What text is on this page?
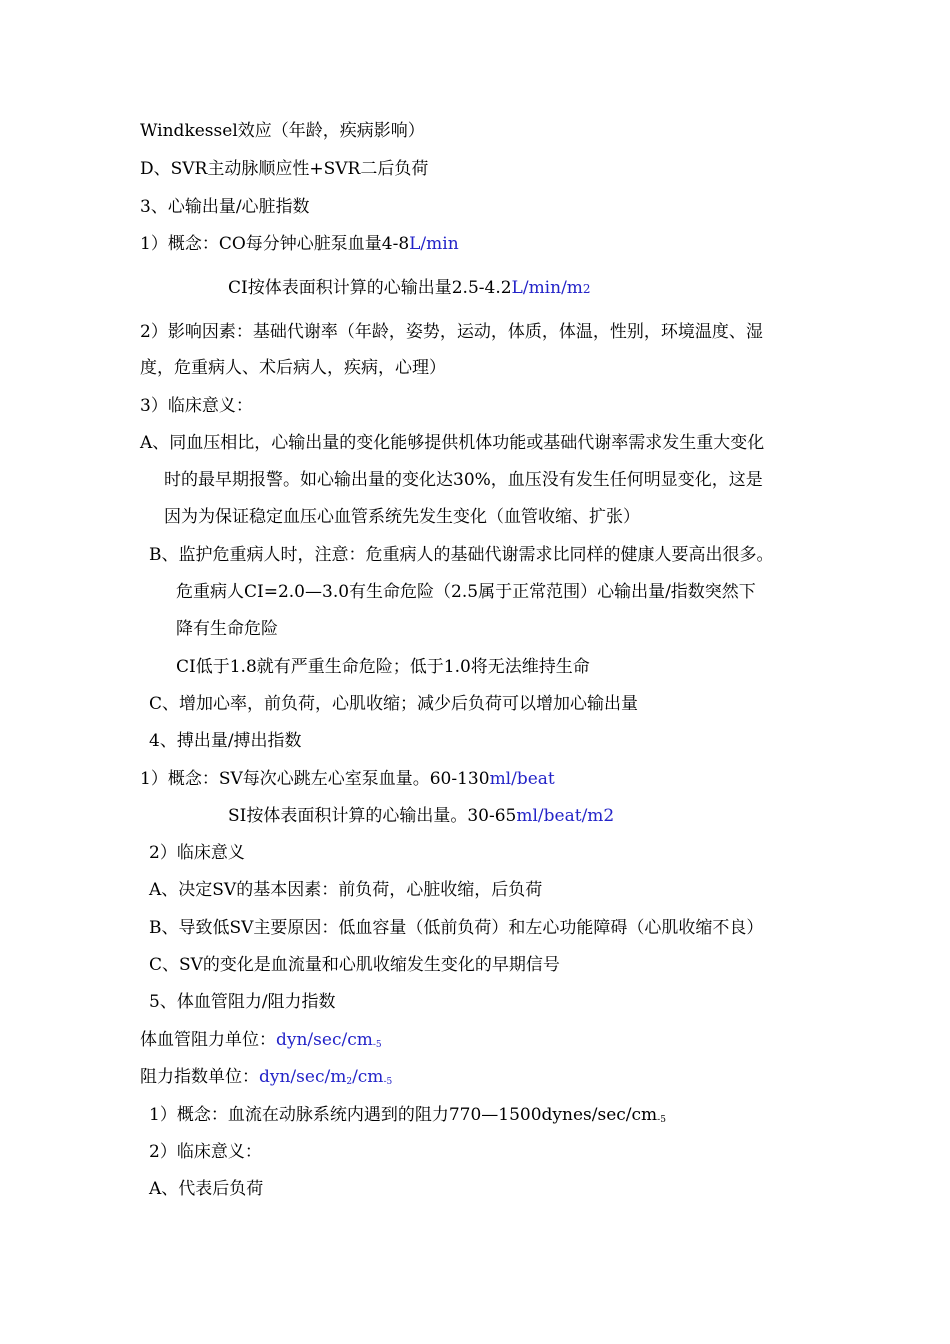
Windkessel效应（年龄，疾病影响）
D、SVR主动脉顺应性+SVR二后负荷
3、心输出量/心脏指数
1）概念：CO每分钟心脏泵血量4-8L/min
CI按体表面积计算的心输出量2.5-4.2L/min/m2
2）影响因素：基础代谢率（年龄，姿势，运动，体质，体温，性别，环境温度、湿
度，危重病人、术后病人，疾病，心理）
3）临床意义：
A、同血压相比，心输出量的变化能够提供机体功能或基础代谢率需求发生重大变化
时的最早期报警。如心输出量的变化达30%，血压没有发生任何明显变化，这是
因为为保证稳定血压心血管系统先发生变化（血管收缩、扩张）
B、监护危重病人时，注意：危重病人的基础代谢需求比同样的健康人要高出很多。
危重病人CI=2.0—3.0有生命危险（2.5属于正常范围）心输出量/指数突然下
降有生命危险
CI低于1.8就有严重生命危险；低于1.0将无法维持生命
C、增加心率，前负荷，心肌收缩；减少后负荷可以增加心输出量
4、搏出量/搏出指数
1）概念：SV每次心跳左心室泵血量。60-130ml/beat
SI按体表面积计算的心输出量。30-65ml/beat/m2
2）临床意义
A、决定SV的基本因素：前负荷，心脏收缩，后负荷
B、导致低SV主要原因：低血容量（低前负荷）和左心功能障碍（心肌收缩不良）
C、SV的变化是血流量和心肌收缩发生变化的早期信号
5、体血管阻力/阻力指数
体血管阻力单位：dyn/$\sec/cm_{-5}$
阻力指数单位：dyn/$\sec/m_2/cm_{-5}$
1）概念：血流在动脉系统内遇到的阻力$770—1500dynes/\sec/cm_{-5}$
2）临床意义：
A、代表后负荷
